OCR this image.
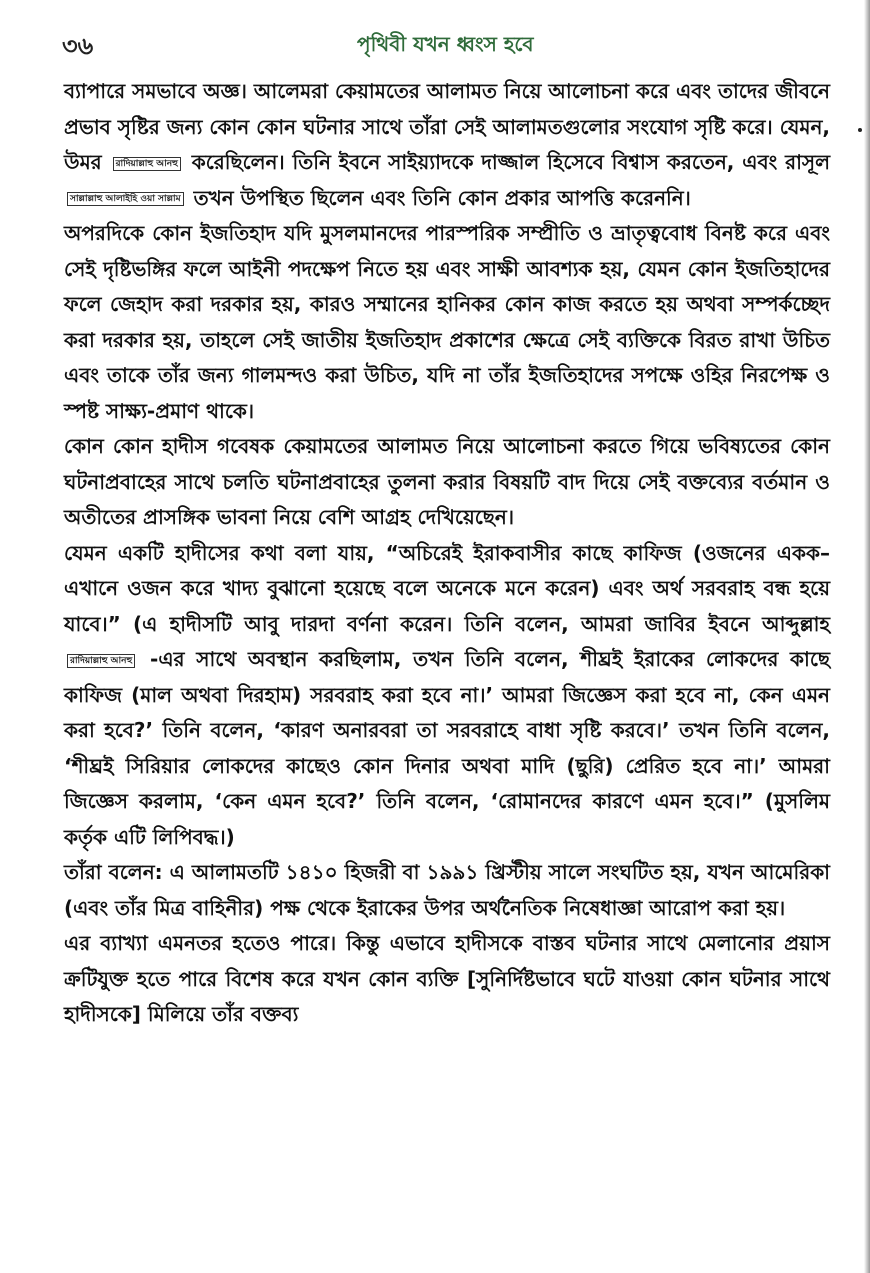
৩৬	পৃথিবী যখন ধ্বংস হবে

ব্যাপারে সমভাবে অজ্ঞ। আলেমরা কেয়ামতের আলামত নিয়ে আলোচনা করে এবং তাদের জীবনে প্রভাব সৃষ্টির জন্য কোন কোন ঘটনার সাথে তাঁরা সেই আলামতগুলোর সংযোগ সৃষ্টি করে। যেমন, উমর রাদিয়াল্লাহু আনহু করেছিলেন। তিনি ইবনে সাইয়্যাদকে দাজ্জাল হিসেবে বিশ্বাস করতেন, এবং রাসূল সাল্লাল্লাহু আলাইহি ওয়া সাল্লাম তখন উপস্থিত ছিলেন এবং তিনি কোন প্রকার আপত্তি করেননি।

অপরদিকে কোন ইজতিহাদ যদি মুসলমানদের পারস্পরিক সম্প্রীতি ও ভ্রাতৃত্ববোধ বিনষ্ট করে এবং সেই দৃষ্টিভঙ্গির ফলে আইনী পদক্ষেপ নিতে হয় এবং সাক্ষী আবশ্যক হয়, যেমন কোন ইজতিহাদের ফলে জেহাদ করা দরকার হয়, কারও সম্মানের হানিকর কোন কাজ করতে হয় অথবা সম্পর্কচ্ছেদ করা দরকার হয়, তাহলে সেই জাতীয় ইজতিহাদ প্রকাশের ক্ষেত্রে সেই ব্যক্তিকে বিরত রাখা উচিত এবং তাকে তাঁর জন্য গালমন্দও করা উচিত, যদি না তাঁর ইজতিহাদের সপক্ষে ওহির নিরপেক্ষ ও স্পষ্ট সাক্ষ্য-প্রমাণ থাকে।

কোন কোন হাদীস গবেষক কেয়ামতের আলামত নিয়ে আলোচনা করতে গিয়ে ভবিষ্যতের কোন ঘটনাপ্রবাহের সাথে চলতি ঘটনাপ্রবাহের তুলনা করার বিষয়টি বাদ দিয়ে সেই বক্তব্যের বর্তমান ও অতীতের প্রাসঙ্গিক ভাবনা নিয়ে বেশি আগ্রহ দেখিয়েছেন।

যেমন একটি হাদীসের কথা বলা যায়, “অচিরেই ইরাকবাসীর কাছে কাফিজ (ওজনের একক– এখানে ওজন করে খাদ্য বুঝানো হয়েছে বলে অনেকে মনে করেন) এবং অর্থ সরবরাহ বন্ধ হয়ে যাবে।” (এ হাদীসটি আবু দারদা বর্ণনা করেন। তিনি বলেন, আমরা জাবির ইবনে আব্দুল্লাহ রাদিয়াল্লাহু আনহু -এর সাথে অবস্থান করছিলাম, তখন তিনি বলেন, শীঘ্রই ইরাকের লোকদের কাছে কাফিজ (মাল অথবা দিরহাম) সরবরাহ করা হবে না।’ আমরা জিজ্ঞেস করা হবে না, কেন এমন করা হবে?’ তিনি বলেন, ‘কারণ অনারবরা তা সরবরাহে বাধা সৃষ্টি করবে।’ তখন তিনি বলেন, ‘শীঘ্রই সিরিয়ার লোকদের কাছেও কোন দিনার অথবা মাদি (ছুরি) প্রেরিত হবে না।’ আমরা জিজ্ঞেস করলাম, ‘কেন এমন হবে?’ তিনি বলেন, ‘রোমানদের কারণে এমন হবে।” (মুসলিম কর্তৃক এটি লিপিবদ্ধ।)

তাঁরা বলেন: এ আলামতটি ১৪১০ হিজরী বা ১৯৯১ খ্রিস্টীয় সালে সংঘটিত হয়, যখন আমেরিকা (এবং তাঁর মিত্র বাহিনীর) পক্ষ থেকে ইরাকের উপর অর্থনৈতিক নিষেধাজ্ঞা আরোপ করা হয়।

এর ব্যাখ্যা এমনতর হতেও পারে। কিন্তু এভাবে হাদীসকে বাস্তব ঘটনার সাথে মেলানোর প্রয়াস ক্রটিযুক্ত হতে পারে বিশেষ করে যখন কোন ব্যক্তি [সুনির্দিষ্টভাবে ঘটে যাওয়া কোন ঘটনার সাথে হাদীসকে] মিলিয়ে তাঁর বক্তব্য
